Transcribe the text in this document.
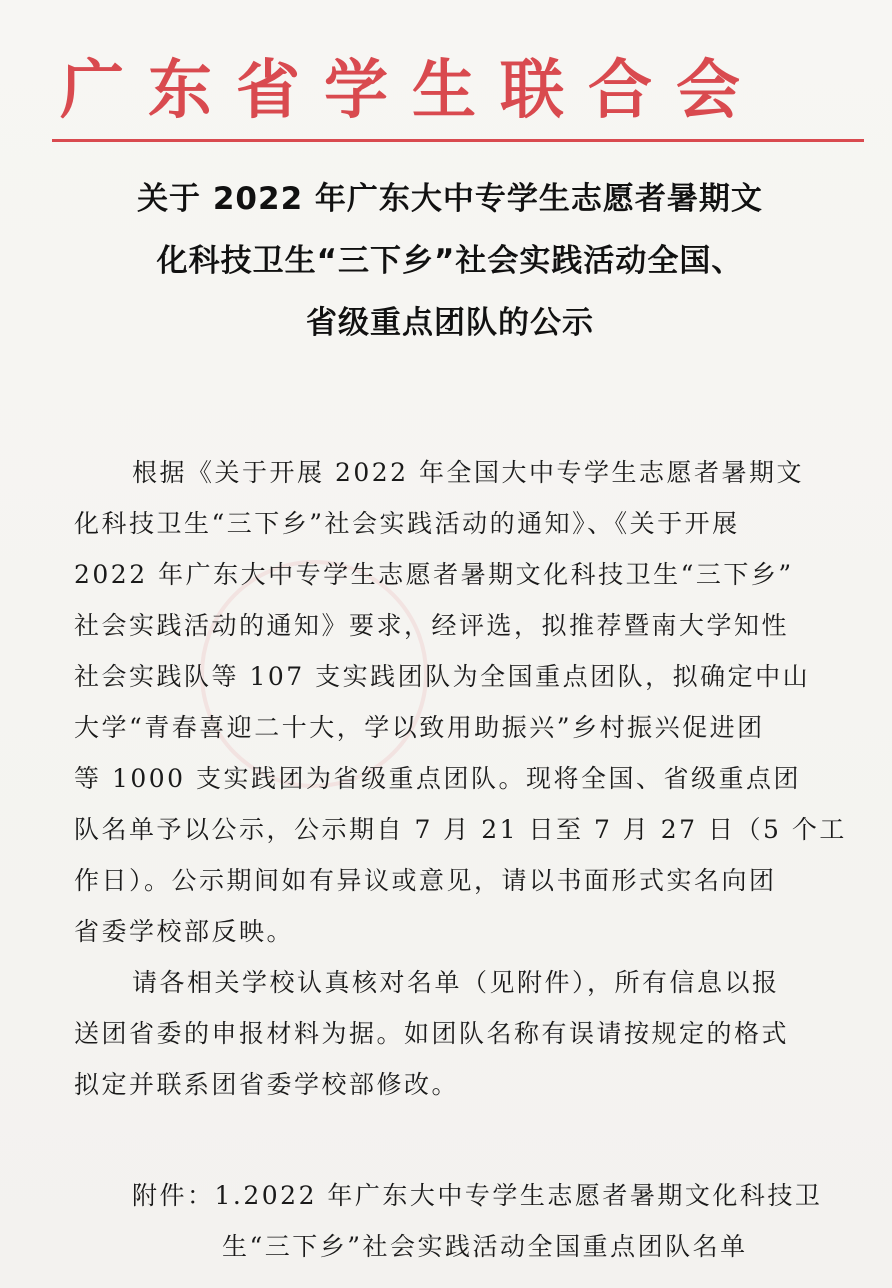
广东省学生联合会
关于 2022 年广东大中专学生志愿者暑期文
化科技卫生“三下乡”社会实践活动全国、
省级重点团队的公示
根据《关于开展 2022 年全国大中专学生志愿者暑期文
化科技卫生“三下乡”社会实践活动的通知》、《关于开展
2022 年广东大中专学生志愿者暑期文化科技卫生“三下乡”
社会实践活动的通知》要求，经评选，拟推荐暨南大学知性
社会实践队等 107 支实践团队为全国重点团队，拟确定中山
大学“青春喜迎二十大，学以致用助振兴”乡村振兴促进团
等 1000 支实践团为省级重点团队。现将全国、省级重点团
队名单予以公示，公示期自 7 月 21 日至 7 月 27 日（5 个工
作日）。公示期间如有异议或意见，请以书面形式实名向团
省委学校部反映。
请各相关学校认真核对名单（见附件），所有信息以报
送团省委的申报材料为据。如团队名称有误请按规定的格式
拟定并联系团省委学校部修改。
附件：1.2022 年广东大中专学生志愿者暑期文化科技卫
生“三下乡”社会实践活动全国重点团队名单
